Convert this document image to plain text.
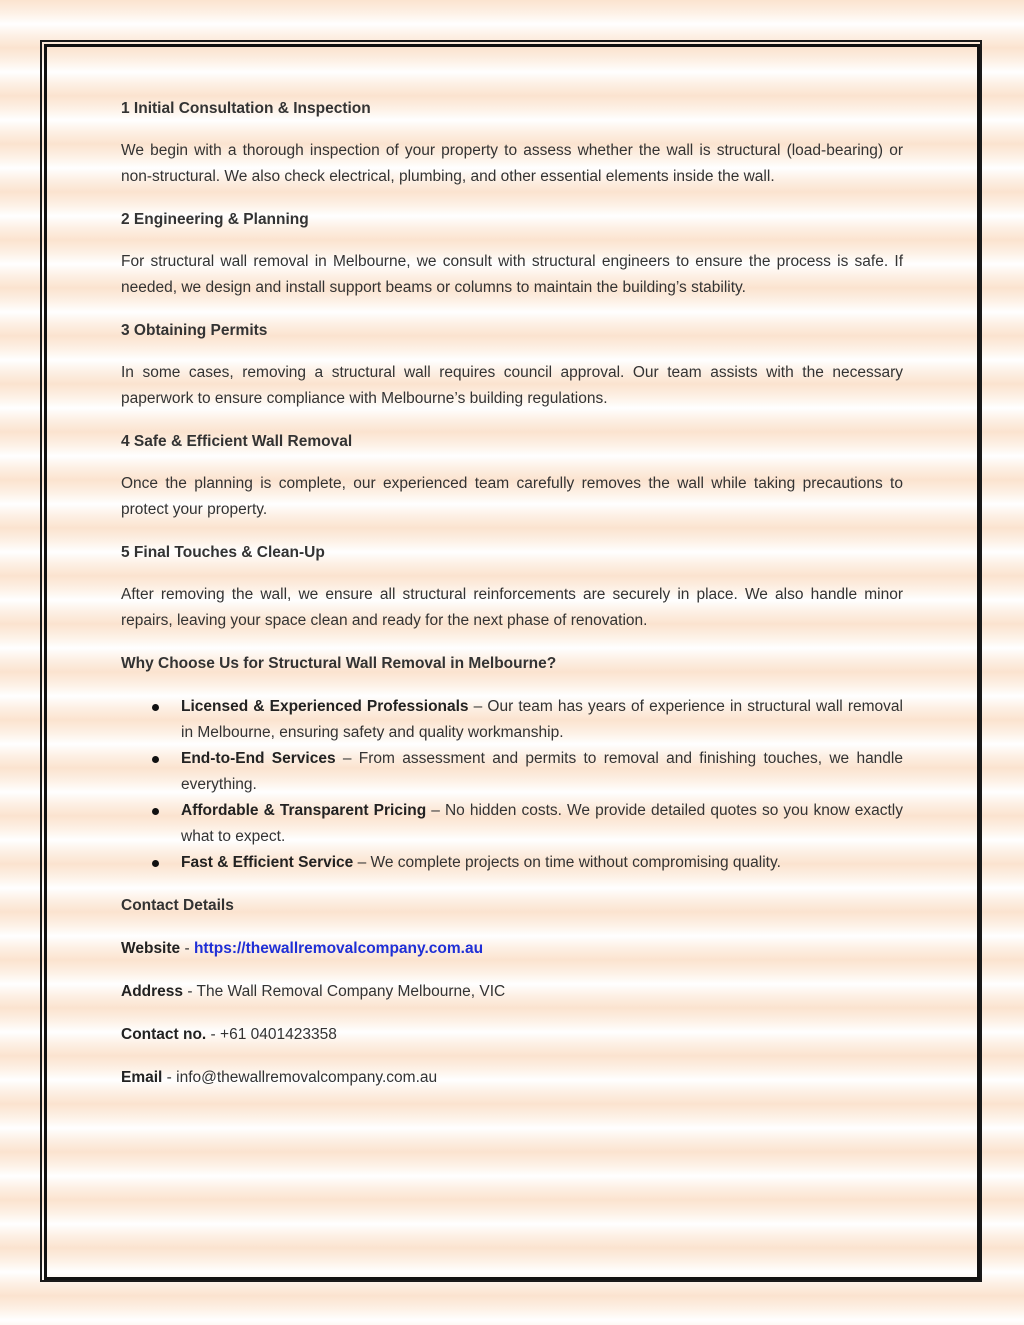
1 Initial Consultation & Inspection

We begin with a thorough inspection of your property to assess whether the wall is structural (load-bearing) or non-structural. We also check electrical, plumbing, and other essential elements inside the wall.

2 Engineering & Planning

For structural wall removal in Melbourne, we consult with structural engineers to ensure the process is safe. If needed, we design and install support beams or columns to maintain the building’s stability.

3 Obtaining Permits

In some cases, removing a structural wall requires council approval. Our team assists with the necessary paperwork to ensure compliance with Melbourne’s building regulations.

4 Safe & Efficient Wall Removal

Once the planning is complete, our experienced team carefully removes the wall while taking precautions to protect your property.

5 Final Touches & Clean-Up

After removing the wall, we ensure all structural reinforcements are securely in place. We also handle minor repairs, leaving your space clean and ready for the next phase of renovation.

Why Choose Us for Structural Wall Removal in Melbourne?

Licensed & Experienced Professionals – Our team has years of experience in structural wall removal in Melbourne, ensuring safety and quality workmanship.
End-to-End Services – From assessment and permits to removal and finishing touches, we handle everything.
Affordable & Transparent Pricing – No hidden costs. We provide detailed quotes so you know exactly what to expect.
Fast & Efficient Service – We complete projects on time without compromising quality.

Contact Details

Website - https://thewallremovalcompany.com.au

Address - The Wall Removal Company Melbourne, VIC

Contact no. - +61 0401423358

Email - info@thewallremovalcompany.com.au
